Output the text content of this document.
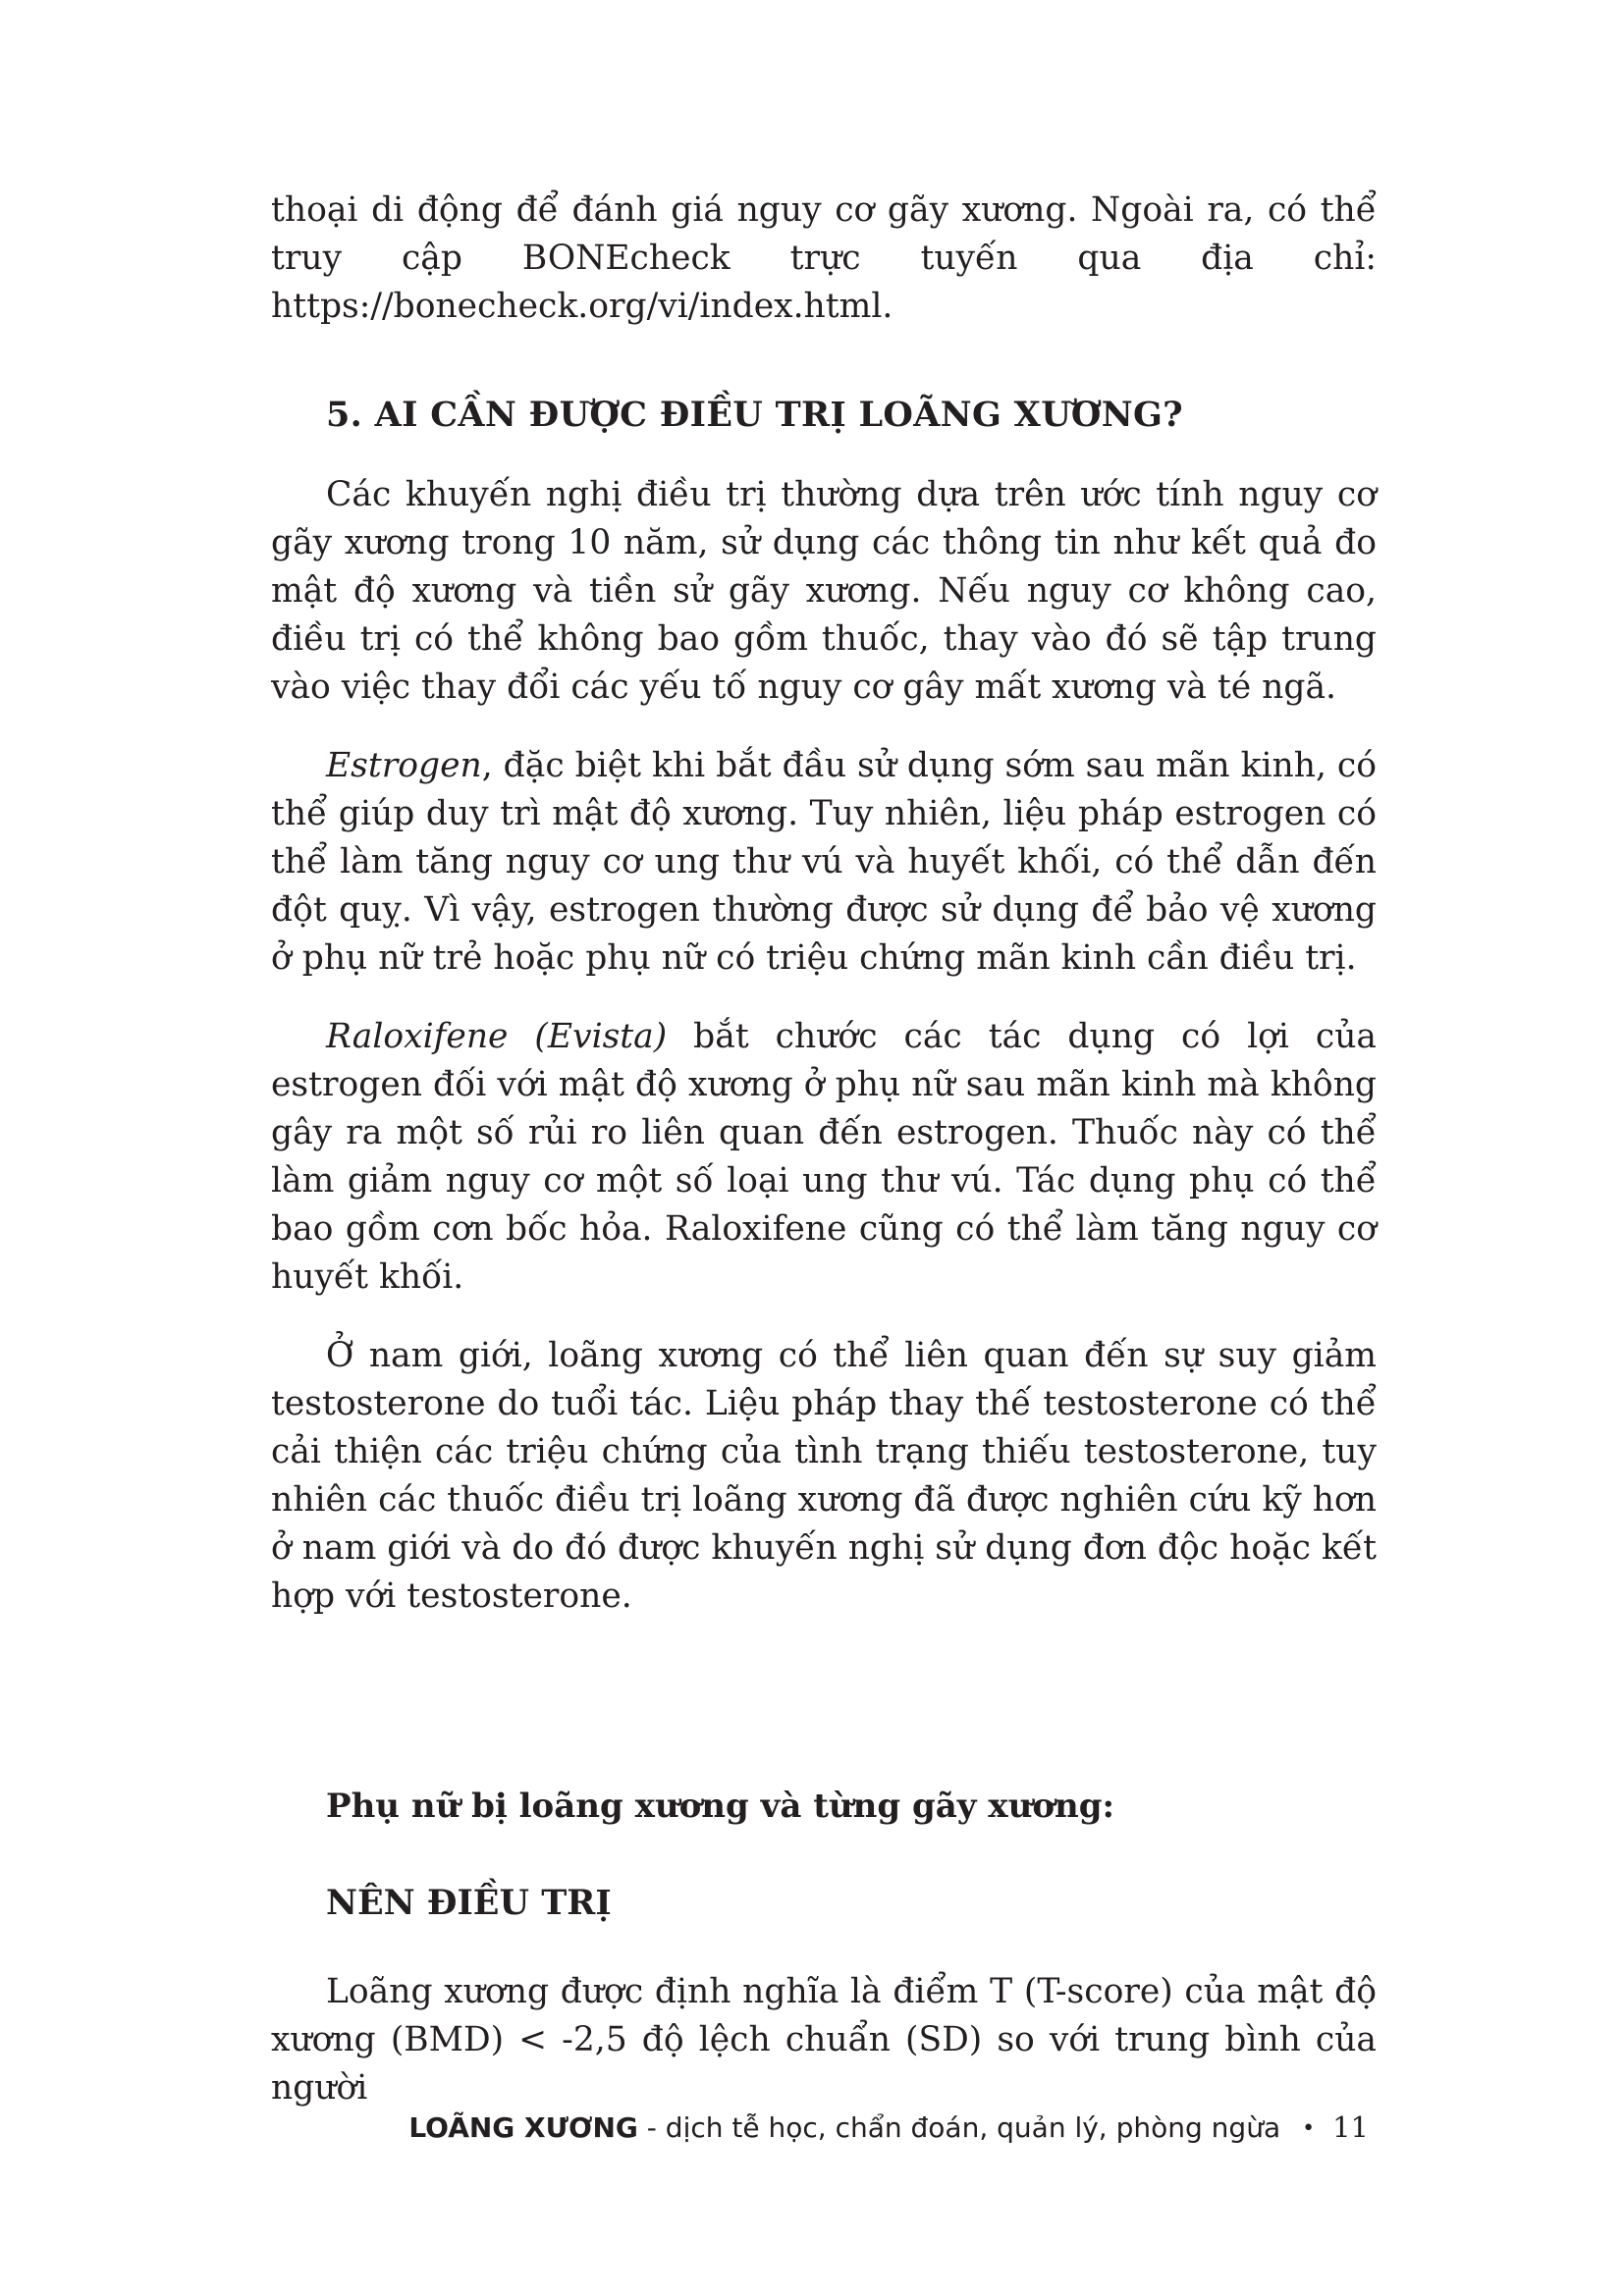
thoại di động để đánh giá nguy cơ gãy xương. Ngoài ra, có thể truy cập BONEcheck trực tuyến qua địa chỉ: https://bonecheck.org/vi/index.html.

5. AI CẦN ĐƯỢC ĐIỀU TRỊ LOÃNG XƯƠNG?

Các khuyến nghị điều trị thường dựa trên ước tính nguy cơ gãy xương trong 10 năm, sử dụng các thông tin như kết quả đo mật độ xương và tiền sử gãy xương. Nếu nguy cơ không cao, điều trị có thể không bao gồm thuốc, thay vào đó sẽ tập trung vào việc thay đổi các yếu tố nguy cơ gây mất xương và té ngã.

Estrogen, đặc biệt khi bắt đầu sử dụng sớm sau mãn kinh, có thể giúp duy trì mật độ xương. Tuy nhiên, liệu pháp estrogen có thể làm tăng nguy cơ ung thư vú và huyết khối, có thể dẫn đến đột quỵ. Vì vậy, estrogen thường được sử dụng để bảo vệ xương ở phụ nữ trẻ hoặc phụ nữ có triệu chứng mãn kinh cần điều trị.

Raloxifene (Evista) bắt chước các tác dụng có lợi của estrogen đối với mật độ xương ở phụ nữ sau mãn kinh mà không gây ra một số rủi ro liên quan đến estrogen. Thuốc này có thể làm giảm nguy cơ một số loại ung thư vú. Tác dụng phụ có thể bao gồm cơn bốc hỏa. Raloxifene cũng có thể làm tăng nguy cơ huyết khối.

Ở nam giới, loãng xương có thể liên quan đến sự suy giảm testosterone do tuổi tác. Liệu pháp thay thế testosterone có thể cải thiện các triệu chứng của tình trạng thiếu testosterone, tuy nhiên các thuốc điều trị loãng xương đã được nghiên cứu kỹ hơn ở nam giới và do đó được khuyến nghị sử dụng đơn độc hoặc kết hợp với testosterone.

Phụ nữ bị loãng xương và từng gãy xương:
NÊN ĐIỀU TRỊ

Loãng xương được định nghĩa là điểm T (T-score) của mật độ xương (BMD) < -2,5 độ lệch chuẩn (SD) so với trung bình của người

LOÃNG XƯƠNG - dịch tễ học, chẩn đoán, quản lý, phòng ngừa • 11
